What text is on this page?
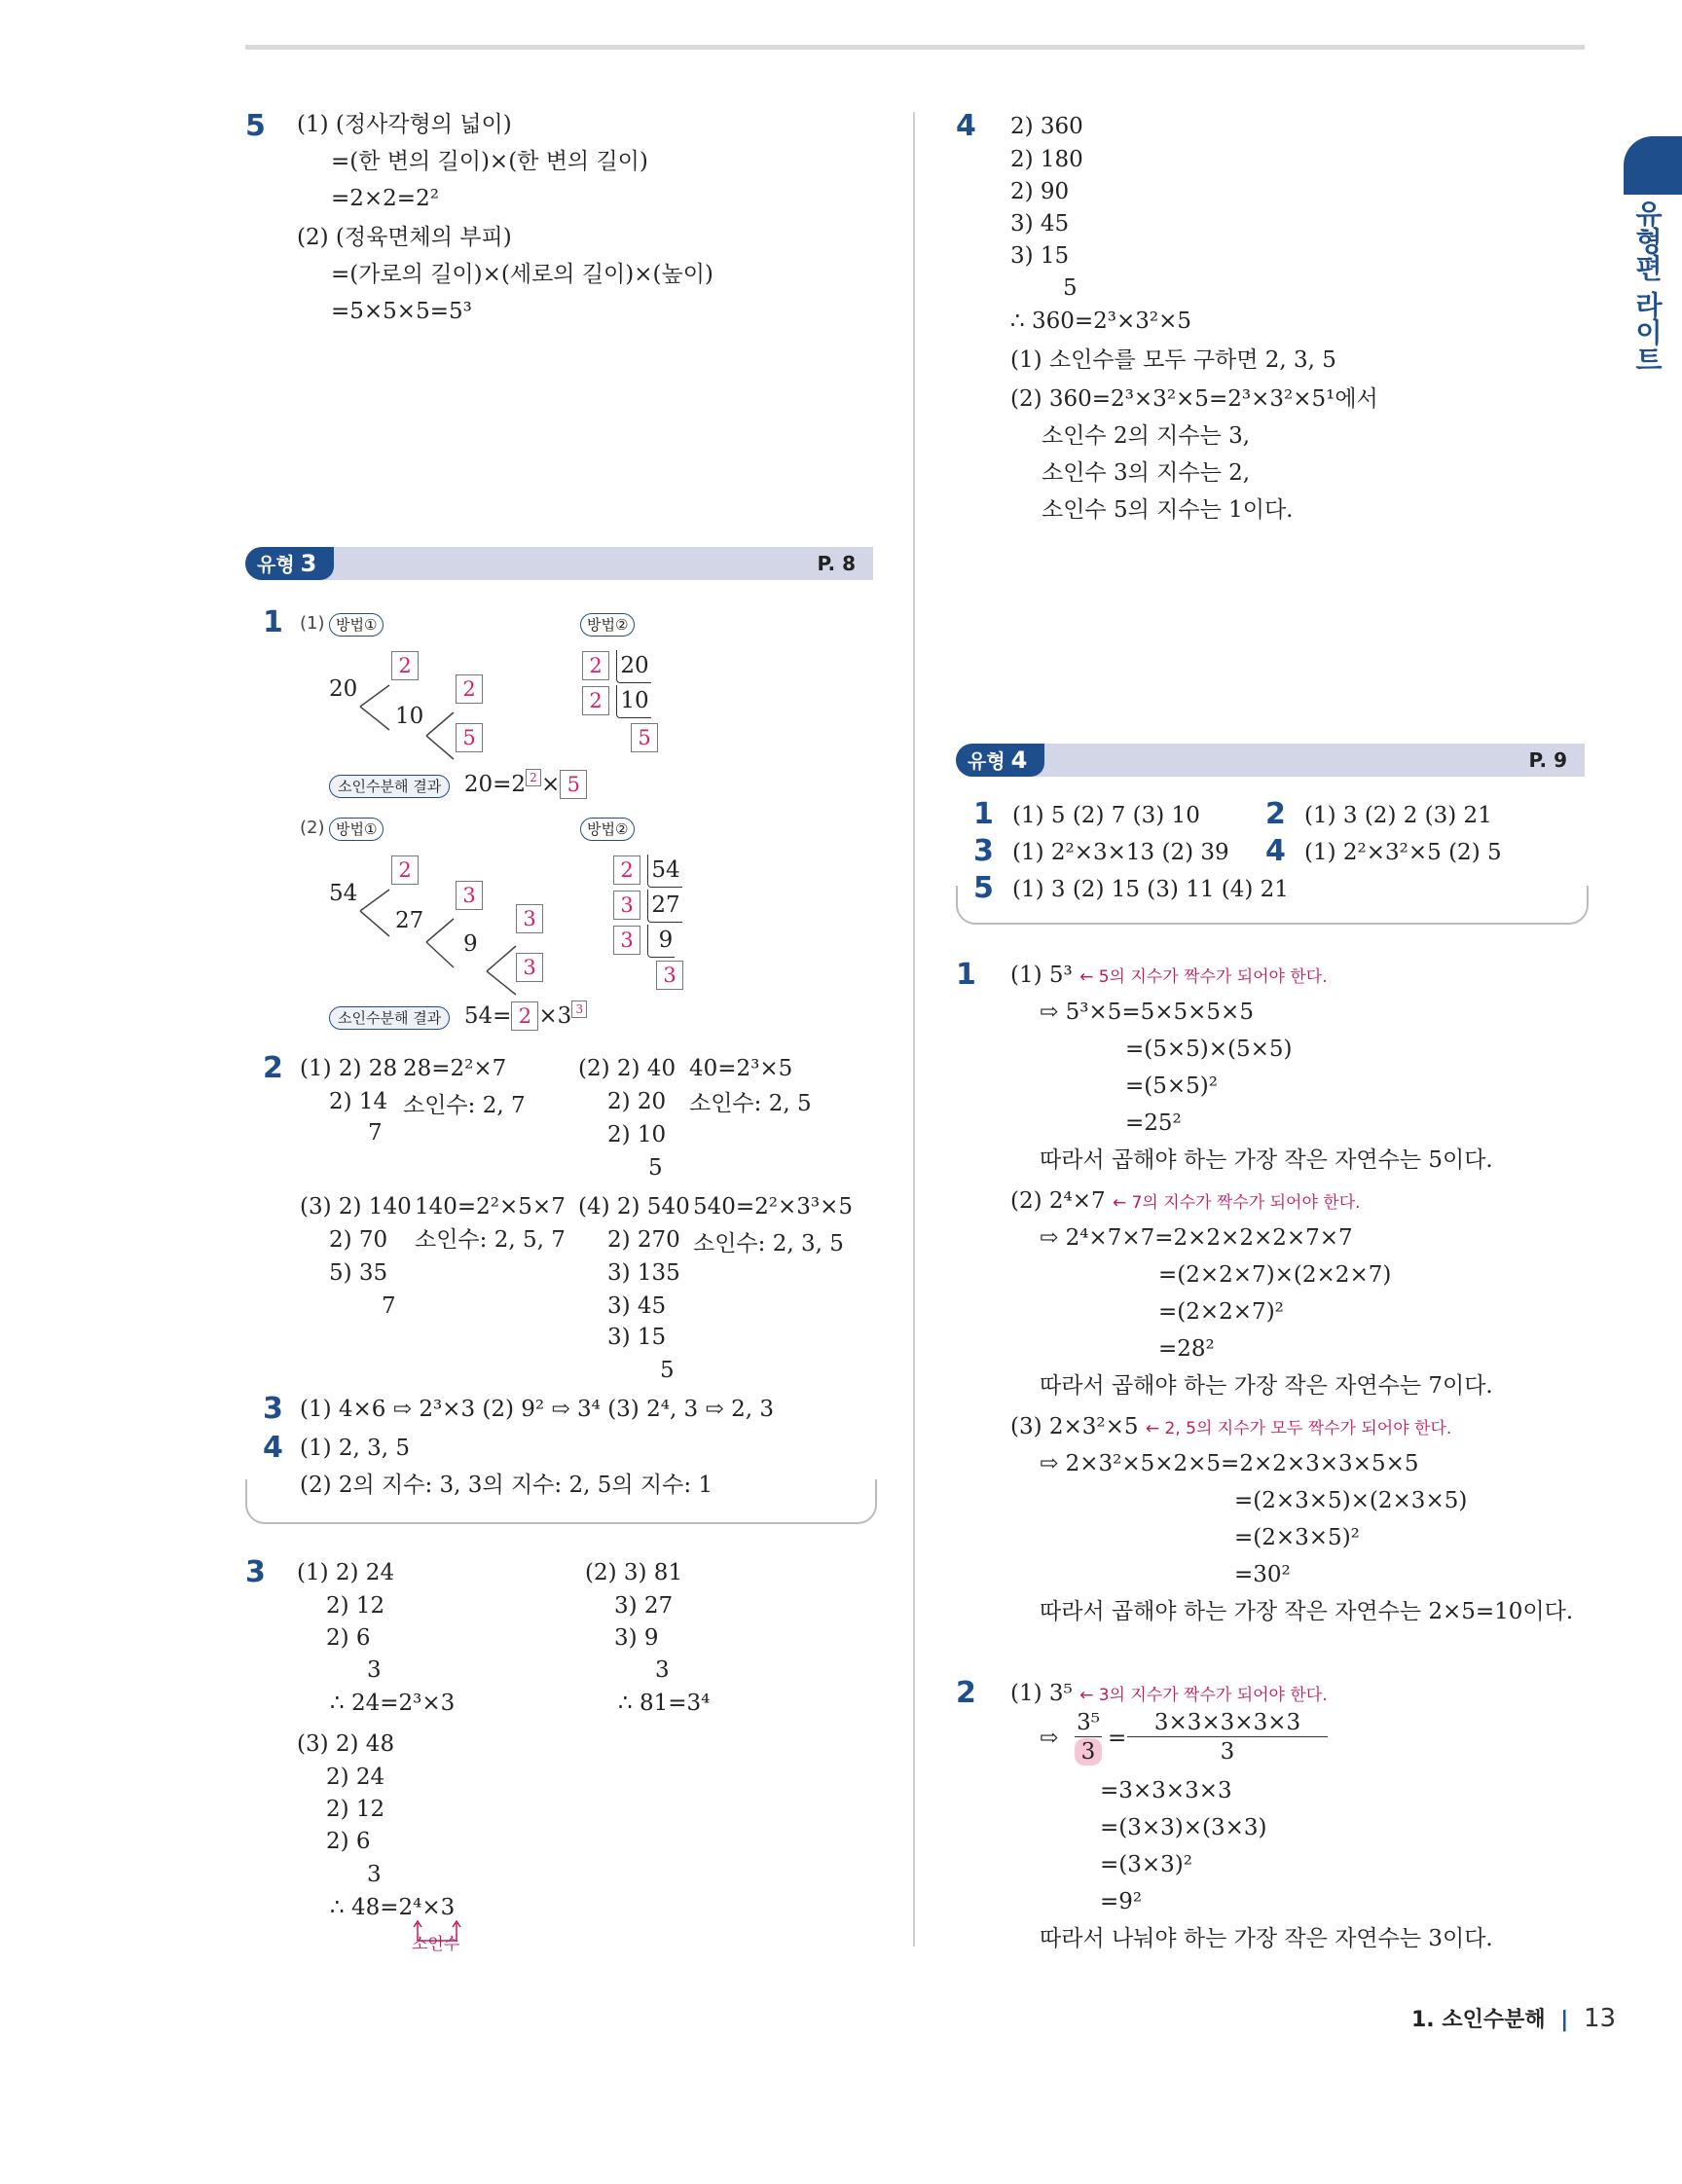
유형편 라이트
5 (1) (정사각형의 넓이)
=(한 변의 길이)×(한 변의 길이)
=2×2=2²
(2) (정육면체의 부피)
=(가로의 길이)×(세로의 길이)×(높이)
=5×5×5=5³
유형 3	P. 8
1 (1) 방법①	방법②
20
2
10
2
5
2 20
2 10
5
소인수분해 결과 20=2 2 × 5
(2) 방법①	방법②
54
2
27
3
9
3
3
2 54
3 27
3  9
3
소인수분해 결과 54= 2 ×3 3
2 (1) 2) 28 28=2²×7
2) 14 소인수: 2, 7
7
(2) 2) 40 40=2³×5
2) 20 소인수: 2, 5
2) 10
5
(3) 2) 140 140=2²×5×7
2) 70 소인수: 2, 5, 7
5) 35
7
(4) 2) 540 540=2²×3³×5
2) 270 소인수: 2, 3, 5
3) 135
3) 45
3) 15
5
3 (1) 4×6 ⇨ 2³×3 (2) 9² ⇨ 3⁴ (3) 2⁴, 3 ⇨ 2, 3
4 (1) 2, 3, 5
(2) 2의 지수: 3, 3의 지수: 2, 5의 지수: 1
3 (1) 2) 24
2) 12
2) 6
3
∴ 24=2³×3
(2) 3) 81
3) 27
3) 9
3
∴ 81=3⁴
(3) 2) 48
2) 24
2) 12
2) 6
3
∴ 48=2⁴×3
소인수
4 2) 360
2) 180
2) 90
3) 45
3) 15
5
∴ 360=2³×3²×5
(1) 소인수를 모두 구하면 2, 3, 5
(2) 360=2³×3²×5=2³×3²×5¹에서
소인수 2의 지수는 3,
소인수 3의 지수는 2,
소인수 5의 지수는 1이다.
유형 4	P. 9
1 (1) 5 (2) 7 (3) 10 2 (1) 3 (2) 2 (3) 21
3 (1) 2²×3×13 (2) 39 4 (1) 2²×3²×5 (2) 5
5 (1) 3 (2) 15 (3) 11 (4) 21
1 (1) 5³ ← 5의 지수가 짝수가 되어야 한다.
⇨ 5³×5=5×5×5×5
=(5×5)×(5×5)
=(5×5)²
=25²
따라서 곱해야 하는 가장 작은 자연수는 5이다.
(2) 2⁴×7 ← 7의 지수가 짝수가 되어야 한다.
⇨ 2⁴×7×7=2×2×2×2×7×7
=(2×2×7)×(2×2×7)
=(2×2×7)²
=28²
따라서 곱해야 하는 가장 작은 자연수는 7이다.
(3) 2×3²×5 ← 2, 5의 지수가 모두 짝수가 되어야 한다.
⇨ 2×3²×5×2×5=2×2×3×3×5×5
=(2×3×5)×(2×3×5)
=(2×3×5)²
=30²
따라서 곱해야 하는 가장 작은 자연수는 2×5=10이다.
2 (1) 3⁵ ← 3의 지수가 짝수가 되어야 한다.
⇨
3⁵
3
=
3×3×3×3×3
3
=3×3×3×3
=(3×3)×(3×3)
=(3×3)²
=9²
따라서 나눠야 하는 가장 작은 자연수는 3이다.
1. 소인수분해 | 13
